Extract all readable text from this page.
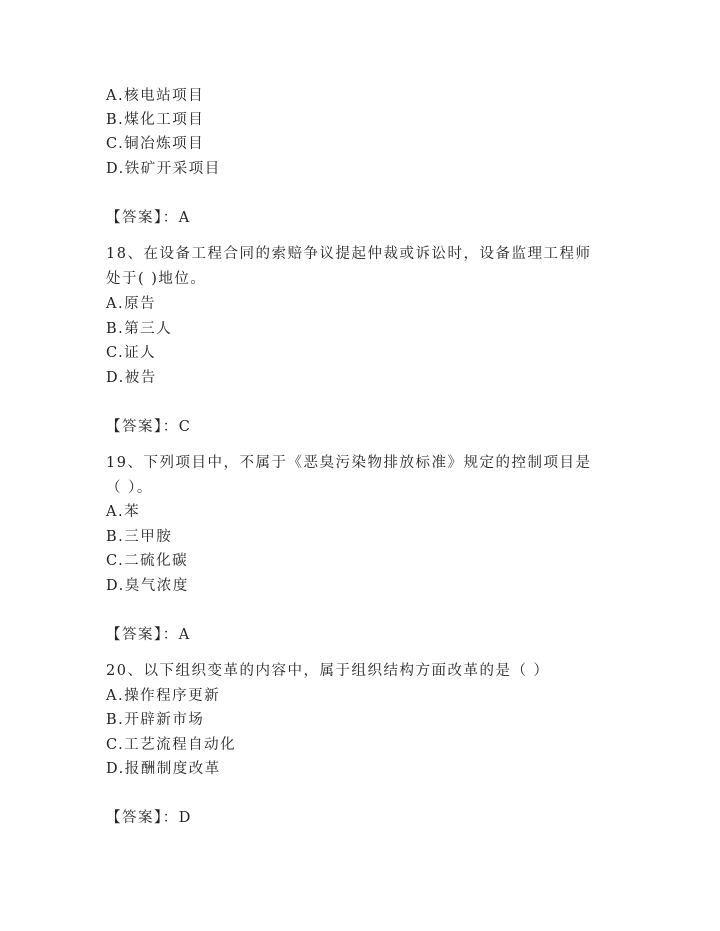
A.核电站项目
B.煤化工项目
C.铜冶炼项目
D.铁矿开采项目
【答案】：A
18、在设备工程合同的索赔争议提起仲裁或诉讼时，设备监理工程师
处于( )地位。
A.原告
B.第三人
C.证人
D.被告
【答案】：C
19、下列项目中，不属于《恶臭污染物排放标准》规定的控制项目是
（ ）。
A.苯
B.三甲胺
C.二硫化碳
D.臭气浓度
【答案】：A
20、以下组织变革的内容中，属于组织结构方面改革的是（ ）
A.操作程序更新
B.开辟新市场
C.工艺流程自动化
D.报酬制度改革
【答案】：D
